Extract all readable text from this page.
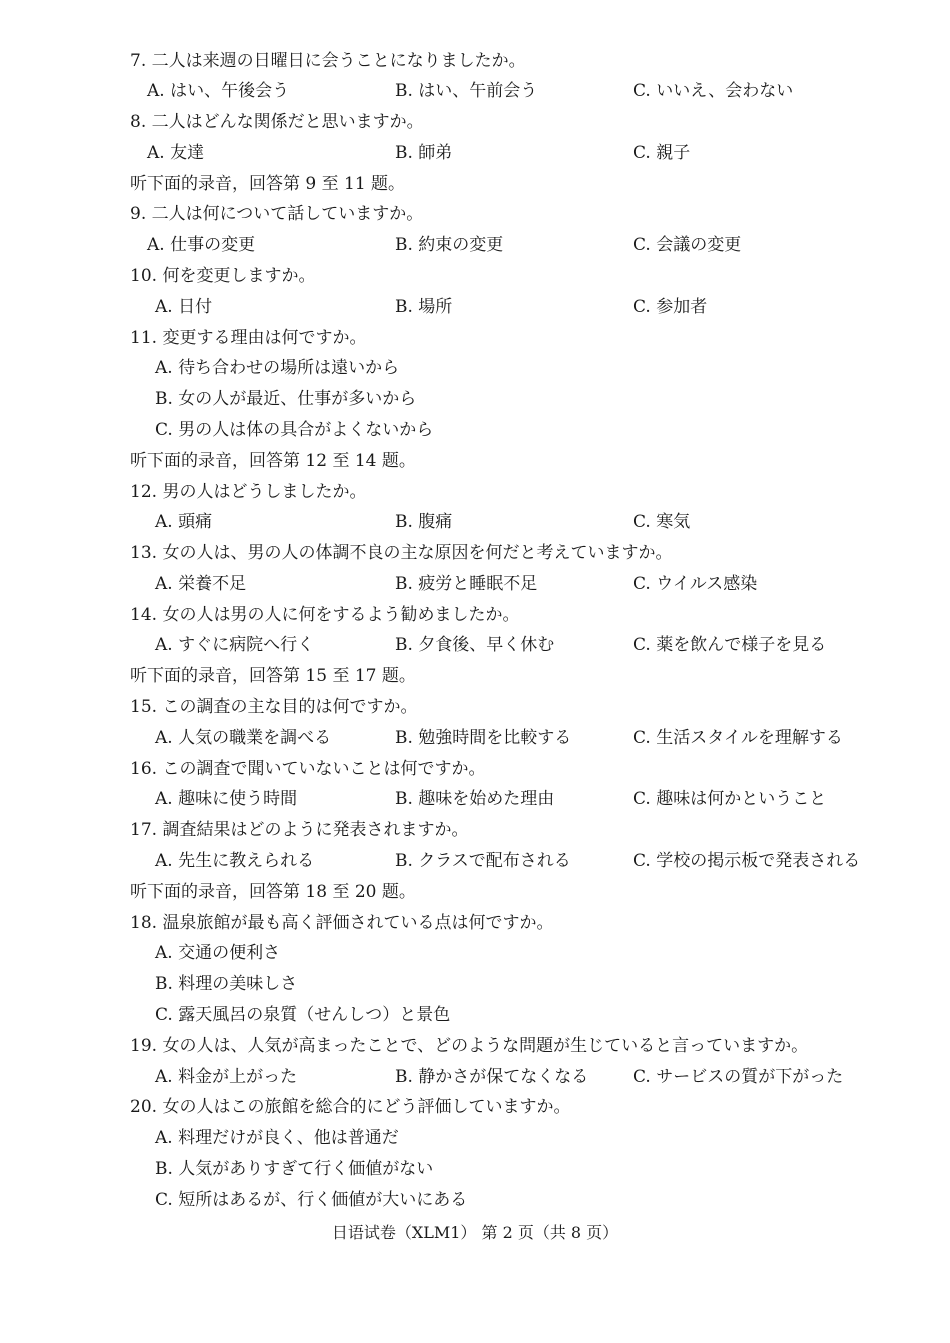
7. 二人は来週の日曜日に会うことになりましたか。
A. はい、午後会う	B. はい、午前会う	C. いいえ、会わない
8. 二人はどんな関係だと思いますか。
A. 友達	B. 師弟	C. 親子
听下面的录音，回答第 9 至 11 题。
9. 二人は何について話していますか。
A. 仕事の変更	B. 約束の変更	C. 会議の変更
10. 何を変更しますか。
A. 日付	B. 場所	C. 参加者
11. 変更する理由は何ですか。
A. 待ち合わせの場所は遠いから
B. 女の人が最近、仕事が多いから
C. 男の人は体の具合がよくないから
听下面的录音，回答第 12 至 14 题。
12. 男の人はどうしましたか。
A. 頭痛	B. 腹痛	C. 寒気
13. 女の人は、男の人の体調不良の主な原因を何だと考えていますか。
A. 栄養不足	B. 疲労と睡眠不足	C. ウイルス感染
14. 女の人は男の人に何をするよう勧めましたか。
A. すぐに病院へ行く	B. 夕食後、早く休む	C. 薬を飲んで様子を見る
听下面的录音，回答第 15 至 17 题。
15. この調査の主な目的は何ですか。
A. 人気の職業を調べる	B. 勉強時間を比較する	C. 生活スタイルを理解する
16. この調査で聞いていないことは何ですか。
A. 趣味に使う時間	B. 趣味を始めた理由	C. 趣味は何かということ
17. 調査結果はどのように発表されますか。
A. 先生に教えられる	B. クラスで配布される	C. 学校の掲示板で発表される
听下面的录音，回答第 18 至 20 题。
18. 温泉旅館が最も高く評価されている点は何ですか。
A. 交通の便利さ
B. 料理の美味しさ
C. 露天風呂の泉質（せんしつ）と景色
19. 女の人は、人気が高まったことで、どのような問題が生じていると言っていますか。
A. 料金が上がった	B. 静かさが保てなくなる	C. サービスの質が下がった
20. 女の人はこの旅館を総合的にどう評価していますか。
A. 料理だけが良く、他は普通だ
B. 人気がありすぎて行く価値がない
C. 短所はあるが、行く価値が大いにある
日语试卷（XLM1） 第 2 页（共 8 页）
